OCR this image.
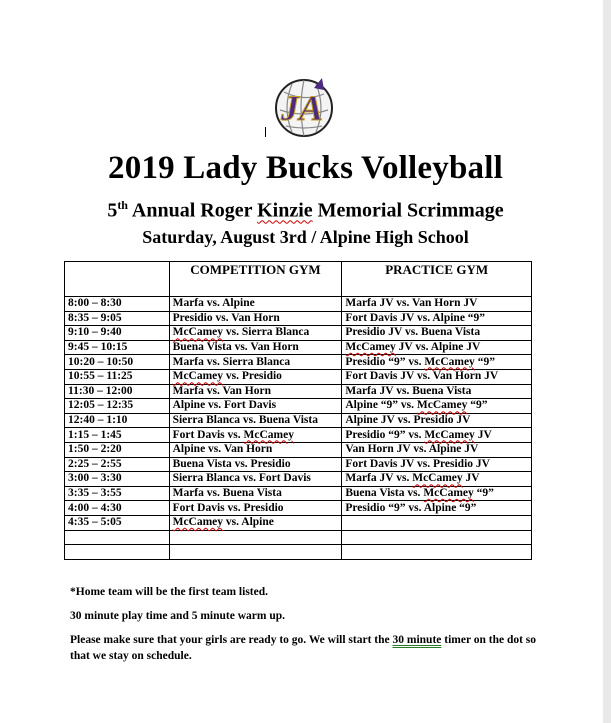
JA
2019 Lady Bucks Volleyball
5th Annual Roger Kinzie Memorial Scrimmage
Saturday, August 3rd / Alpine High School
	COMPETITION GYM	PRACTICE GYM
8:00 – 8:30	Marfa vs. Alpine	Marfa JV vs. Van Horn JV
8:35 – 9:05	Presidio vs. Van Horn	Fort Davis JV vs. Alpine “9”
9:10 – 9:40	McCamey vs. Sierra Blanca	Presidio JV vs. Buena Vista
9:45 – 10:15	Buena Vista vs. Van Horn	McCamey JV vs. Alpine JV
10:20 – 10:50	Marfa vs. Sierra Blanca	Presidio “9” vs. McCamey “9”
10:55 – 11:25	McCamey vs. Presidio	Fort Davis JV vs. Van Horn JV
11:30 – 12:00	Marfa vs. Van Horn	Marfa JV vs. Buena Vista
12:05 – 12:35	Alpine vs. Fort Davis	Alpine “9” vs. McCamey “9”
12:40 – 1:10	Sierra Blanca vs. Buena Vista	Alpine JV vs. Presidio JV
1:15 – 1:45	Fort Davis vs. McCamey	Presidio “9” vs. McCamey JV
1:50 – 2:20	Alpine vs. Van Horn	Van Horn JV vs. Alpine JV
2:25 – 2:55	Buena Vista vs. Presidio	Fort Davis JV vs. Presidio JV
3:00 – 3:30	Sierra Blanca vs. Fort Davis	Marfa JV vs. McCamey JV
3:35 – 3:55	Marfa vs. Buena Vista	Buena Vista vs. McCamey “9”
4:00 – 4:30	Fort Davis vs. Presidio	Presidio “9” vs. Alpine “9”
4:35 – 5:05	McCamey vs. Alpine	

*Home team will be the first team listed.
30 minute play time and 5 minute warm up.
Please make sure that your girls are ready to go. We will start the 30 minute timer on the dot so that we stay on schedule.
